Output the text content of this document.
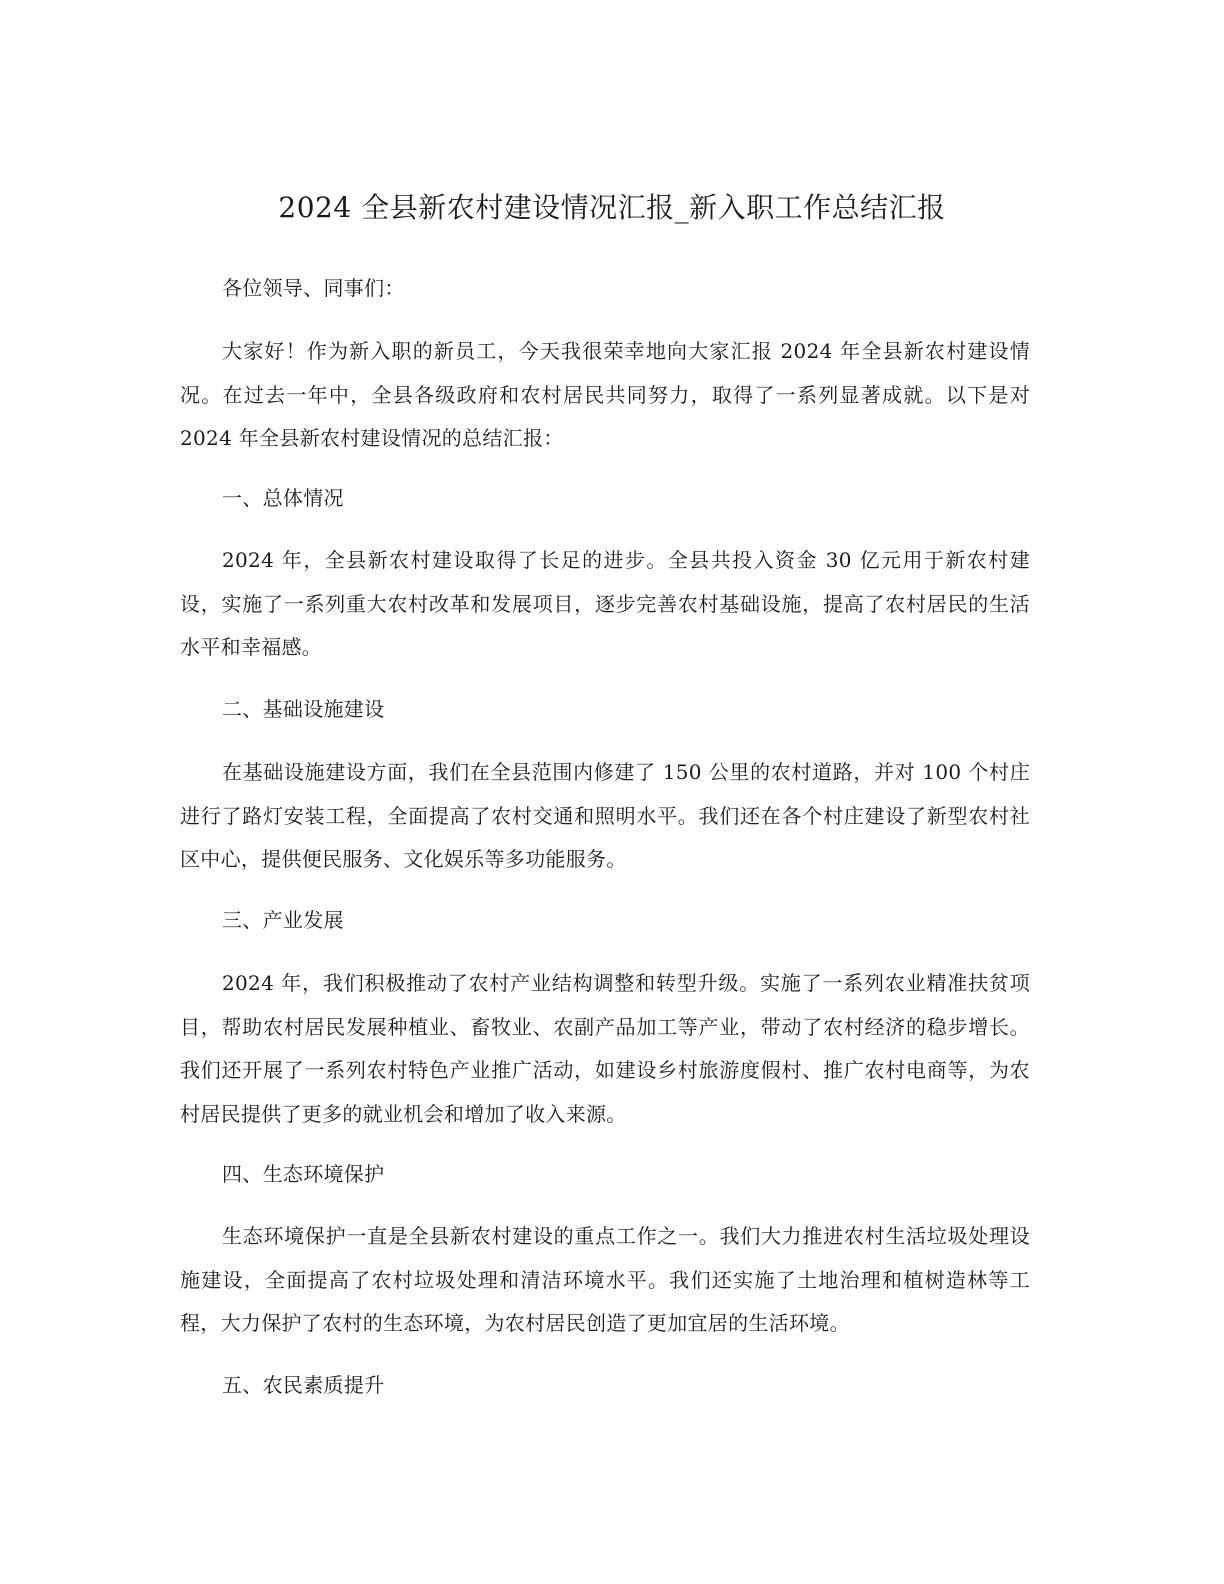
2024 全县新农村建设情况汇报_新入职工作总结汇报

各位领导、同事们：

大家好！作为新入职的新员工，今天我很荣幸地向大家汇报 2024 年全县新农村建设情况。在过去一年中，全县各级政府和农村居民共同努力，取得了一系列显著成就。以下是对 2024 年全县新农村建设情况的总结汇报：

一、总体情况

2024 年，全县新农村建设取得了长足的进步。全县共投入资金 30 亿元用于新农村建设，实施了一系列重大农村改革和发展项目，逐步完善农村基础设施，提高了农村居民的生活水平和幸福感。

二、基础设施建设

在基础设施建设方面，我们在全县范围内修建了 150 公里的农村道路，并对 100 个村庄进行了路灯安装工程，全面提高了农村交通和照明水平。我们还在各个村庄建设了新型农村社区中心，提供便民服务、文化娱乐等多功能服务。

三、产业发展

2024 年，我们积极推动了农村产业结构调整和转型升级。实施了一系列农业精准扶贫项目，帮助农村居民发展种植业、畜牧业、农副产品加工等产业，带动了农村经济的稳步增长。我们还开展了一系列农村特色产业推广活动，如建设乡村旅游度假村、推广农村电商等，为农村居民提供了更多的就业机会和增加了收入来源。

四、生态环境保护

生态环境保护一直是全县新农村建设的重点工作之一。我们大力推进农村生活垃圾处理设施建设，全面提高了农村垃圾处理和清洁环境水平。我们还实施了土地治理和植树造林等工程，大力保护了农村的生态环境，为农村居民创造了更加宜居的生活环境。

五、农民素质提升
